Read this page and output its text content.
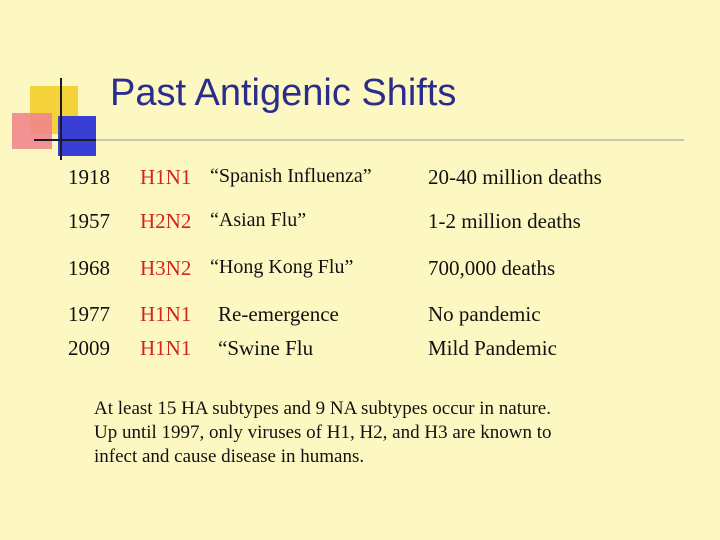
Past Antigenic Shifts
1918 H1N1 “Spanish Influenza”	20-40 million deaths
1957 H2N2 “Asian Flu”	1-2 million deaths
1968 H3N2 “Hong Kong Flu”	700,000 deaths
1977 H1N1 Re-emergence	No pandemic
2009 H1N1 “Swine Flu	Mild Pandemic
At least 15 HA subtypes and 9 NA subtypes occur in nature.
Up until 1997, only viruses of H1, H2, and H3 are known to
infect and cause disease in humans.
